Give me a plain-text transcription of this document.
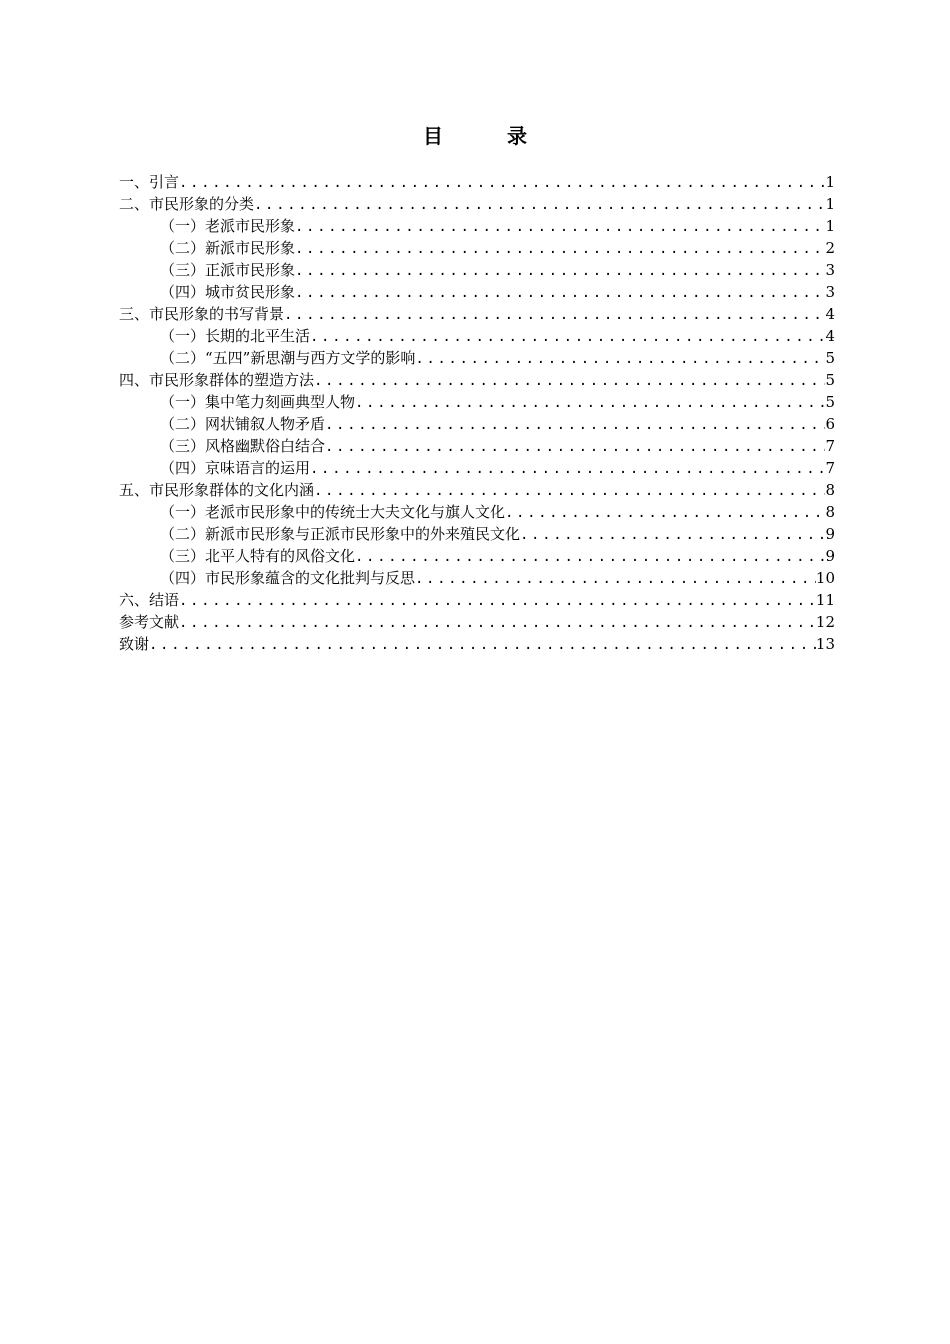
目　录
一、引言 .....	1
二、市民形象的分类 .....	1
（一）老派市民形象 .....	1
（二）新派市民形象 .....	2
（三）正派市民形象 .....	3
（四）城市贫民形象 .....	3
三、市民形象的书写背景 .....	4
（一）长期的北平生活 .....	4
（二）“五四”新思潮与西方文学的影响 .....	5
四、市民形象群体的塑造方法 .....	5
（一）集中笔力刻画典型人物 .....	5
（二）网状铺叙人物矛盾 .....	6
（三）风格幽默俗白结合 .....	7
（四）京味语言的运用 .....	7
五、市民形象群体的文化内涵 .....	8
（一）老派市民形象中的传统士大夫文化与旗人文化 .....	8
（二）新派市民形象与正派市民形象中的外来殖民文化 .....	9
（三）北平人特有的风俗文化 .....	9
（四）市民形象蕴含的文化批判与反思 .....	10
六、结语 .....	11
参考文献 .....	12
致谢 .....	13
